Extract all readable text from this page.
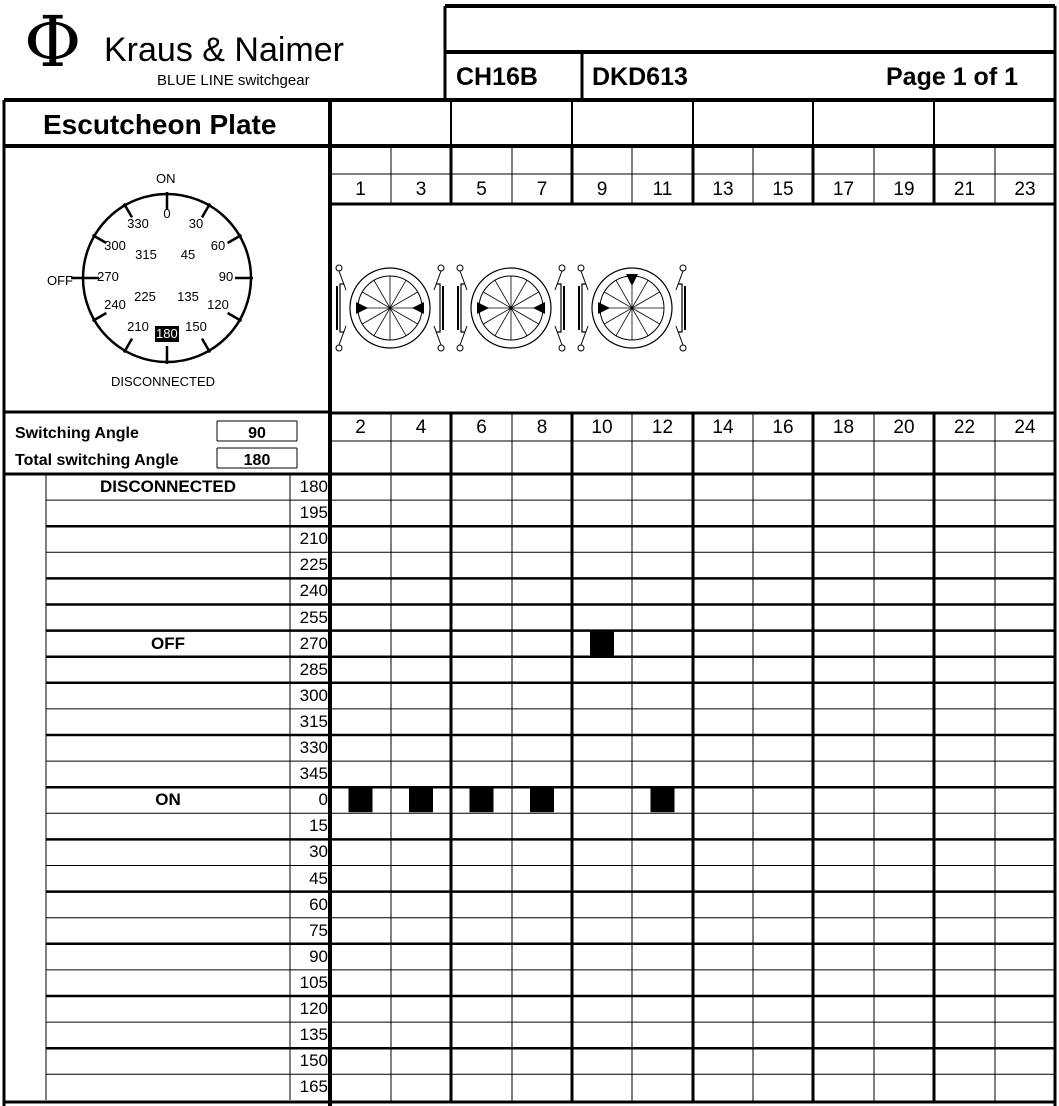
Φ Kraus & Naimer
BLUE LINE switchgear	CH16B DKD613	Page 1 of 1
Escutcheon Plate
ON
OFF
DISCONNECTED
Switching Angle	90
Total switching Angle	180
1	3	5	7	9	11	13	15	17	19	21	23
2	4	6	8	10	12	14	16	18	20	22	24
0
30
60
90
120
150
180
210
240
270
300
330
45
135
225
315
DISCONNECTED	180
195
210
225
240
255
OFF	270
285
300
315
330
345
ON	0
15
30
45
60
75
90
105
120
135
150
165
